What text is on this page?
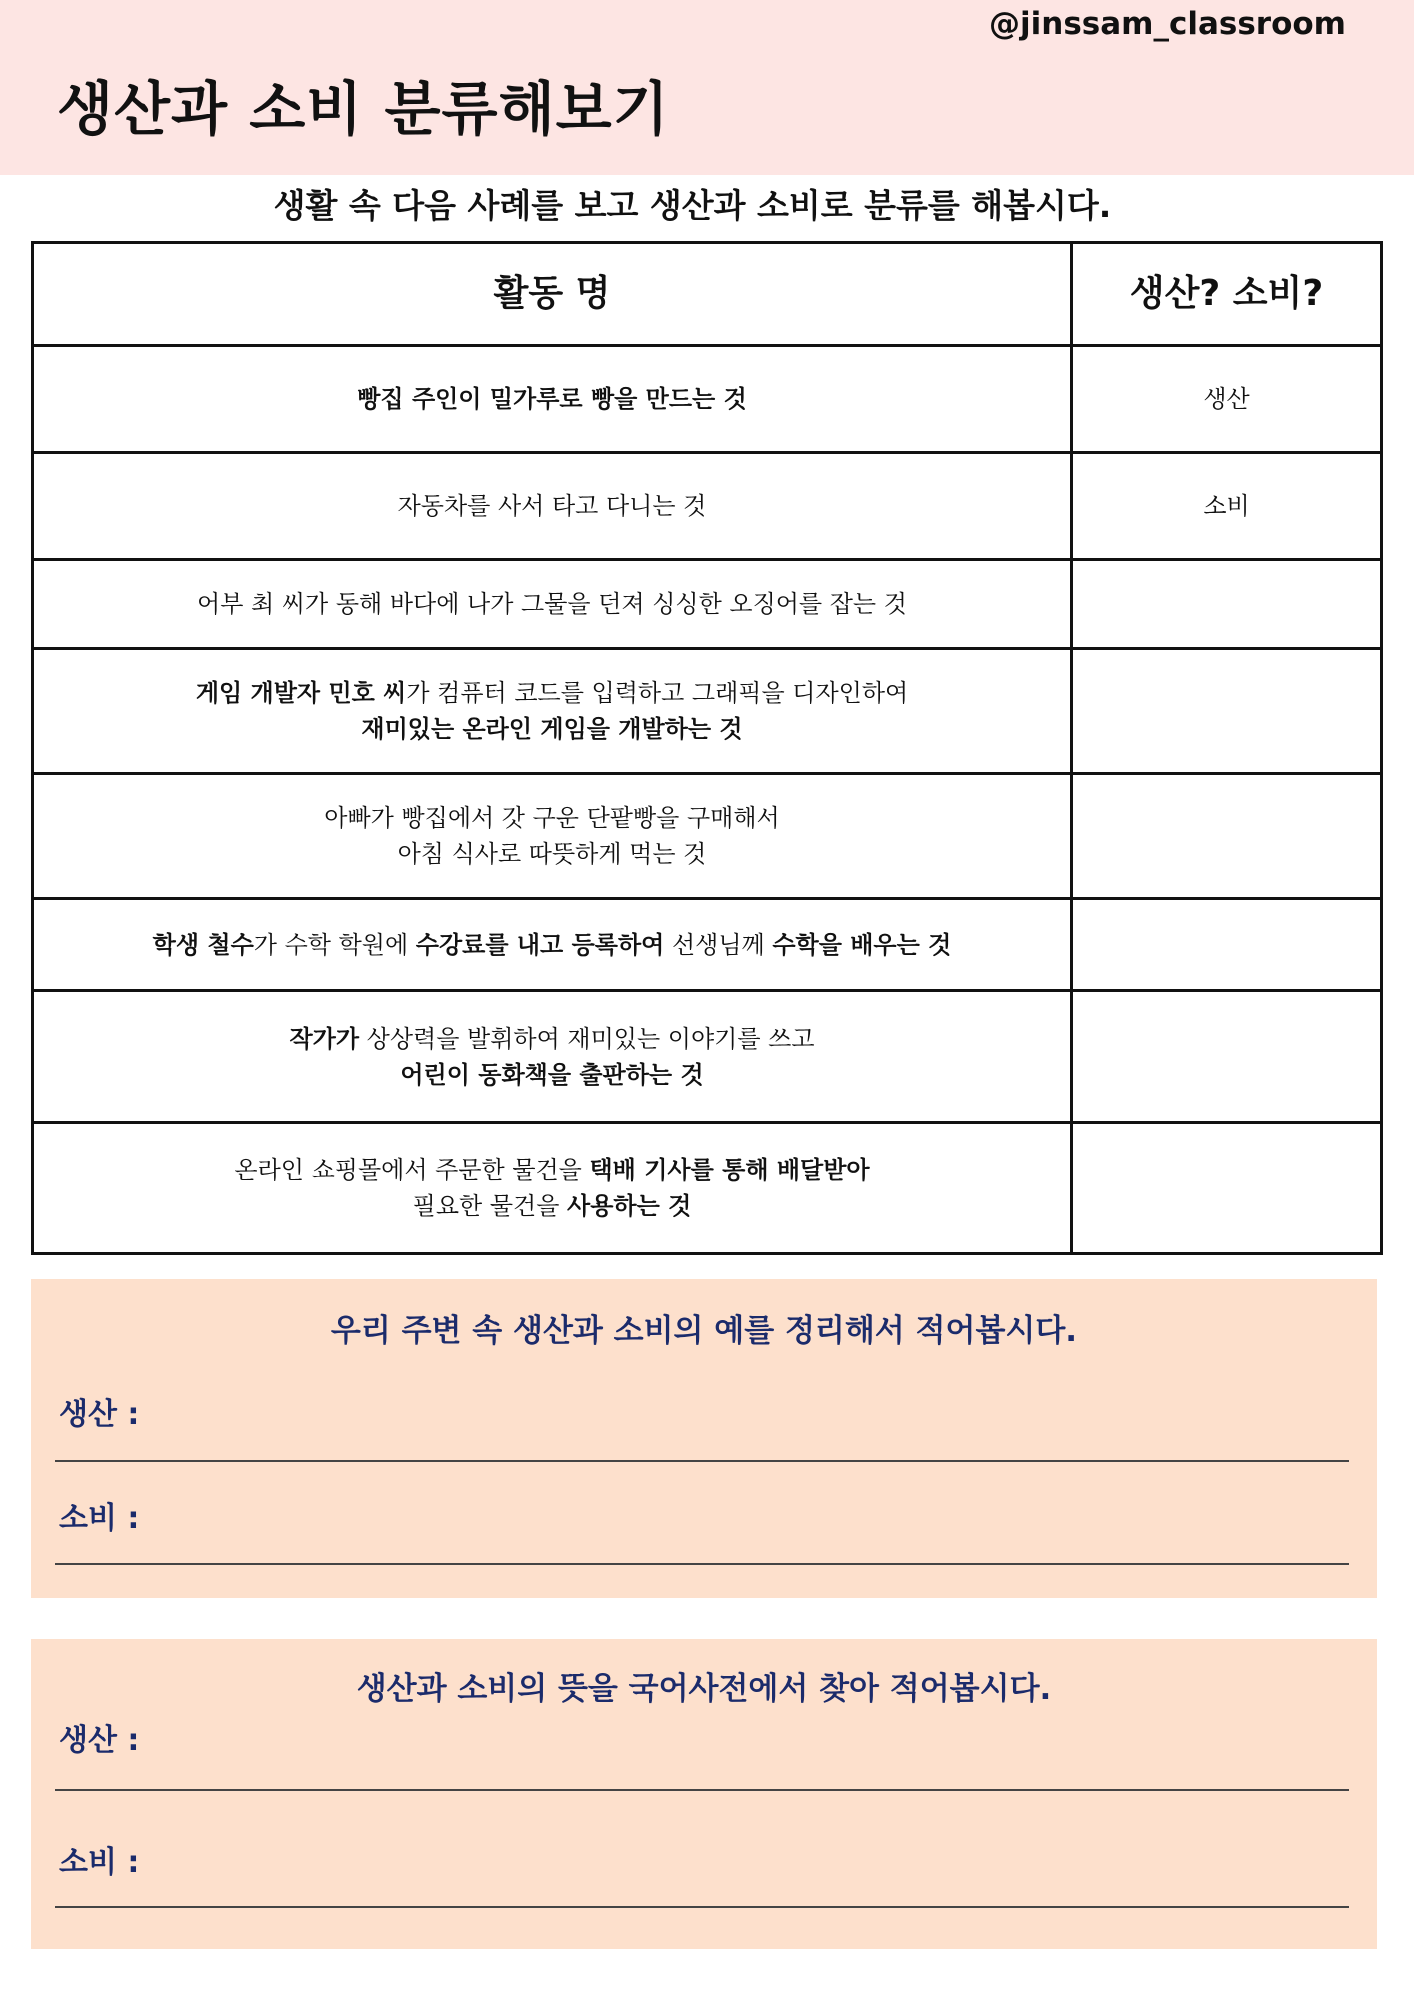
@jinssam_classroom
생산과 소비 분류해보기
생활 속 다음 사례를 보고 생산과 소비로 분류를 해봅시다.
활동 명	생산? 소비?

빵집 주인이 밀가루로 빵을 만드는 것	생산

자동차를 사서 타고 다니는 것	소비

어부 최 씨가 동해 바다에 나가 그물을 던져 싱싱한 오징어를 잡는 것	

게임 개발자 민호 씨가 컴퓨터 코드를 입력하고 그래픽을 디자인하여
재미있는 온라인 게임을 개발하는 것	

아빠가 빵집에서 갓 구운 단팥빵을 구매해서
아침 식사로 따뜻하게 먹는 것	

학생 철수가 수학 학원에 수강료를 내고 등록하여 선생님께 수학을 배우는 것	

작가가 상상력을 발휘하여 재미있는 이야기를 쓰고
어린이 동화책을 출판하는 것	

온라인 쇼핑몰에서 주문한 물건을 택배 기사를 통해 배달받아
필요한 물건을 사용하는 것	

우리 주변 속 생산과 소비의 예를 정리해서 적어봅시다.
생산 :
소비 :
생산과 소비의 뜻을 국어사전에서 찾아 적어봅시다.
생산 :
소비 :
